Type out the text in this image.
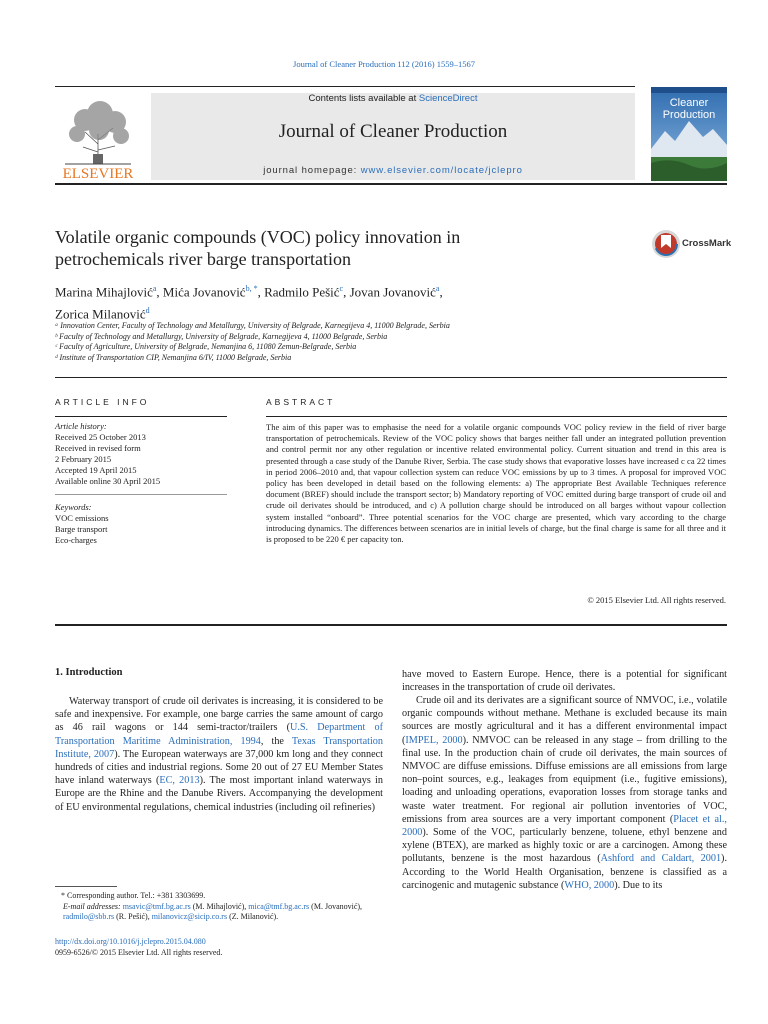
Journal of Cleaner Production 112 (2016) 1559–1567
ELSEVIER
Contents lists available at ScienceDirect
Journal of Cleaner Production
journal homepage: www.elsevier.com/locate/jclepro
Cleaner
Production
Volatile organic compounds (VOC) policy innovation in
petrochemicals river barge transportation
CrossMark
Marina Mihajlović$^a$, Mića Jovanović$^{b, *}$, Radmilo Pešić$^c$, Jovan Jovanović$^a$,
Zorica Milanović$^d$
ᵃ Innovation Center, Faculty of Technology and Metallurgy, University of Belgrade, Karnegijeva 4, 11000 Belgrade, Serbia
ᵇ Faculty of Technology and Metallurgy, University of Belgrade, Karnegijeva 4, 11000 Belgrade, Serbia
ᶜ Faculty of Agriculture, University of Belgrade, Nemanjina 6, 11080 Zemun-Belgrade, Serbia
ᵈ Institute of Transportation CIP, Nemanjina 6/IV, 11000 Belgrade, Serbia
ARTICLE INFO
Article history:
Received 25 October 2013
Received in revised form
2 February 2015
Accepted 19 April 2015
Available online 30 April 2015
Keywords:
VOC emissions
Barge transport
Eco-charges
ABSTRACT
The aim of this paper was to emphasise the need for a volatile organic compounds VOC policy review in the field of river barge transportation of petrochemicals. Review of the VOC policy shows that barges neither fall under an integrated pollution prevention and control permit nor any other regulation or incentive related environmental policy. Current situation and trend in this area is presented through a case study of the Danube River, Serbia. The case study shows that evaporative losses have increased c ca 22 times in period 2006–2010 and, that vapour collection system can reduce VOC emissions by up to 3 times. A proposal for improved VOC policy has been developed in detail based on the following elements: a) The appropriate Best Available Techniques reference document (BREF) should include the transport sector; b) Mandatory reporting of VOC emitted during barge transport of crude oil and crude oil derivates should be introduced, and c) A pollution charge should be introduced on all barges without vapour collection system installed “onboard”. Three potential scenarios for the VOC charge are presented, which vary according to the charge introducing dynamics. The differences between scenarios are in initial levels of charge, but the final charge is same for all three and it is proposed to be 220 € per capacity ton.
© 2015 Elsevier Ltd. All rights reserved.
1. Introduction
Waterway transport of crude oil derivates is increasing, it is considered to be safe and inexpensive. For example, one barge carries the same amount of cargo as 46 rail wagons or 144 semi-tractor/trailers (U.S. Department of Transportation Maritime Administration, 1994, the Texas Transportation Institute, 2007). The European waterways are 37,000 km long and they connect hundreds of cities and industrial regions. Some 20 out of 27 EU Member States have inland waterways (EC, 2013). The most important inland waterways in Europe are the Rhine and the Danube Rivers. Accompanying the development of EU environmental regulations, chemical industries (including oil refineries)
have moved to Eastern Europe. Hence, there is a potential for significant increases in the transportation of crude oil derivates.
Crude oil and its derivates are a significant source of NMVOC, i.e., volatile organic compounds without methane. Methane is excluded because its main sources are mostly agricultural and it has a different environmental impact (IMPEL, 2000). NMVOC can be released in any stage – from drilling to the final use. In the production chain of crude oil derivates, the main sources of NMVOC are diffuse emissions. Diffuse emissions are all emissions from large non–point sources, e.g., leakages from equipment (i.e., fugitive emissions), loading and unloading operations, evaporation losses from storage tanks and waste water treatment. For regional air pollution inventories of VOC, emissions from area sources are a very important component (Placet et al., 2000). Some of the VOC, particularly benzene, toluene, ethyl benzene and xylene (BTEX), are marked as highly toxic or are a carcinogen. Among these pollutants, benzene is the most hazardous (Ashford and Caldart, 2001). According to the World Health Organisation, benzene is classified as a carcinogenic and mutagenic substance (WHO, 2000). Due to its
* Corresponding author. Tel.: +381 3303699.
E-mail addresses: msavic@tmf.bg.ac.rs (M. Mihajlović), mica@tmf.bg.ac.rs (M. Jovanović), radmilo@sbb.rs (R. Pešić), milanovicz@sicip.co.rs (Z. Milanović).
http://dx.doi.org/10.1016/j.jclepro.2015.04.080
0959-6526/© 2015 Elsevier Ltd. All rights reserved.
